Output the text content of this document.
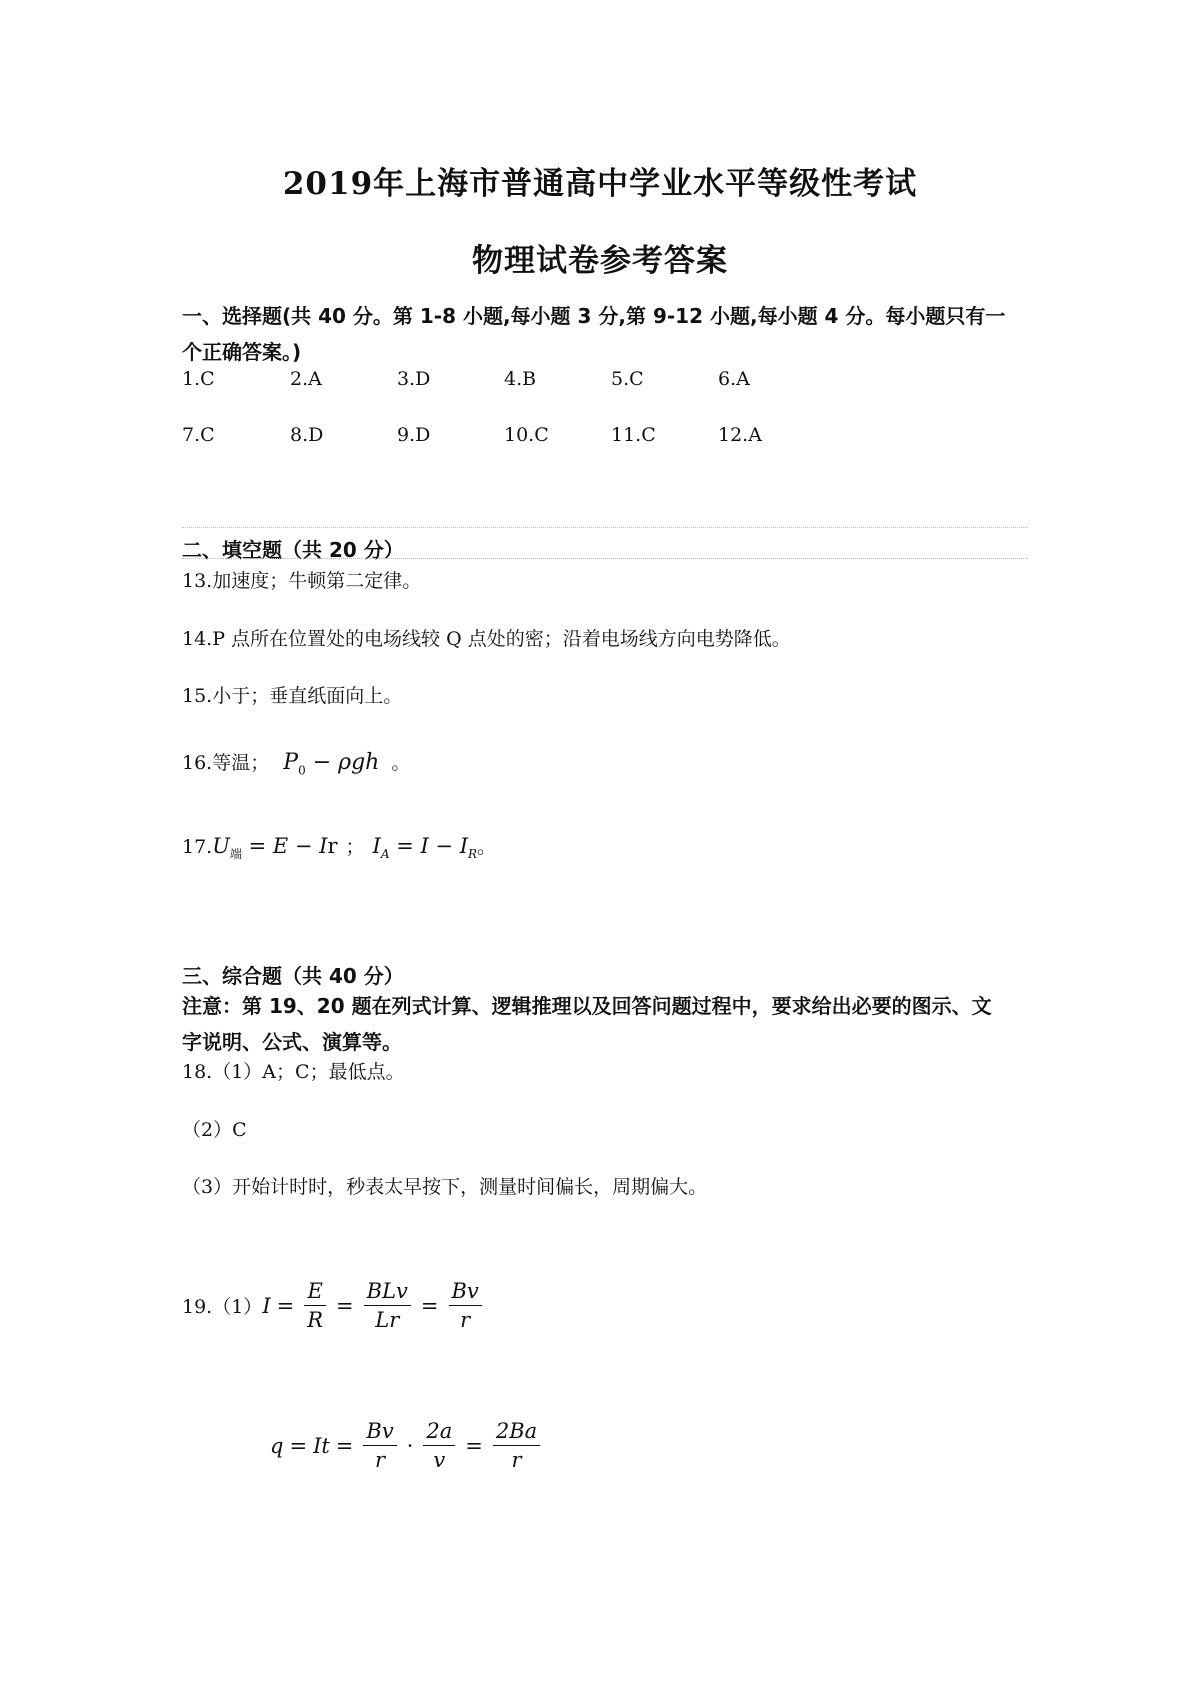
2019年上海市普通高中学业水平等级性考试
物理试卷参考答案
一、选择题(共 40 分。第 1-8 小题,每小题 3 分,第 9-12 小题,每小题 4 分。每小题只有一
个正确答案。)
1.C	2.A	3.D	4.B	5.C	6.A
7.C	8.D	9.D	10.C	11.C	12.A
二、填空题（共 20 分）
13.加速度；牛顿第二定律。
14.P 点所在位置处的电场线较 Q 点处的密；沿着电场线方向电势降低。
15.小于；垂直纸面向上。
16.等温； $P_0 - \rho gh$ 。
$17.U_端 = E - Ir$ ； $I_A = I - I_R$。
三、综合题（共 40 分）
注意：第 19、20 题在列式计算、逻辑推理以及回答问题过程中，要求给出必要的图示、文
字说明、公式、演算等。
18.（1）A；C；最低点。
（2）C
（3）开始计时时，秒表太早按下，测量时间偏长，周期偏大。
19.（1） $I = \frac{E}{R} = \frac{\text{BLv}}{Lr} = \frac{Bv}{r}$
$q = It = \frac{Bv}{r} \cdot \frac{2a}{v} = \frac{2Ba}{r}$
